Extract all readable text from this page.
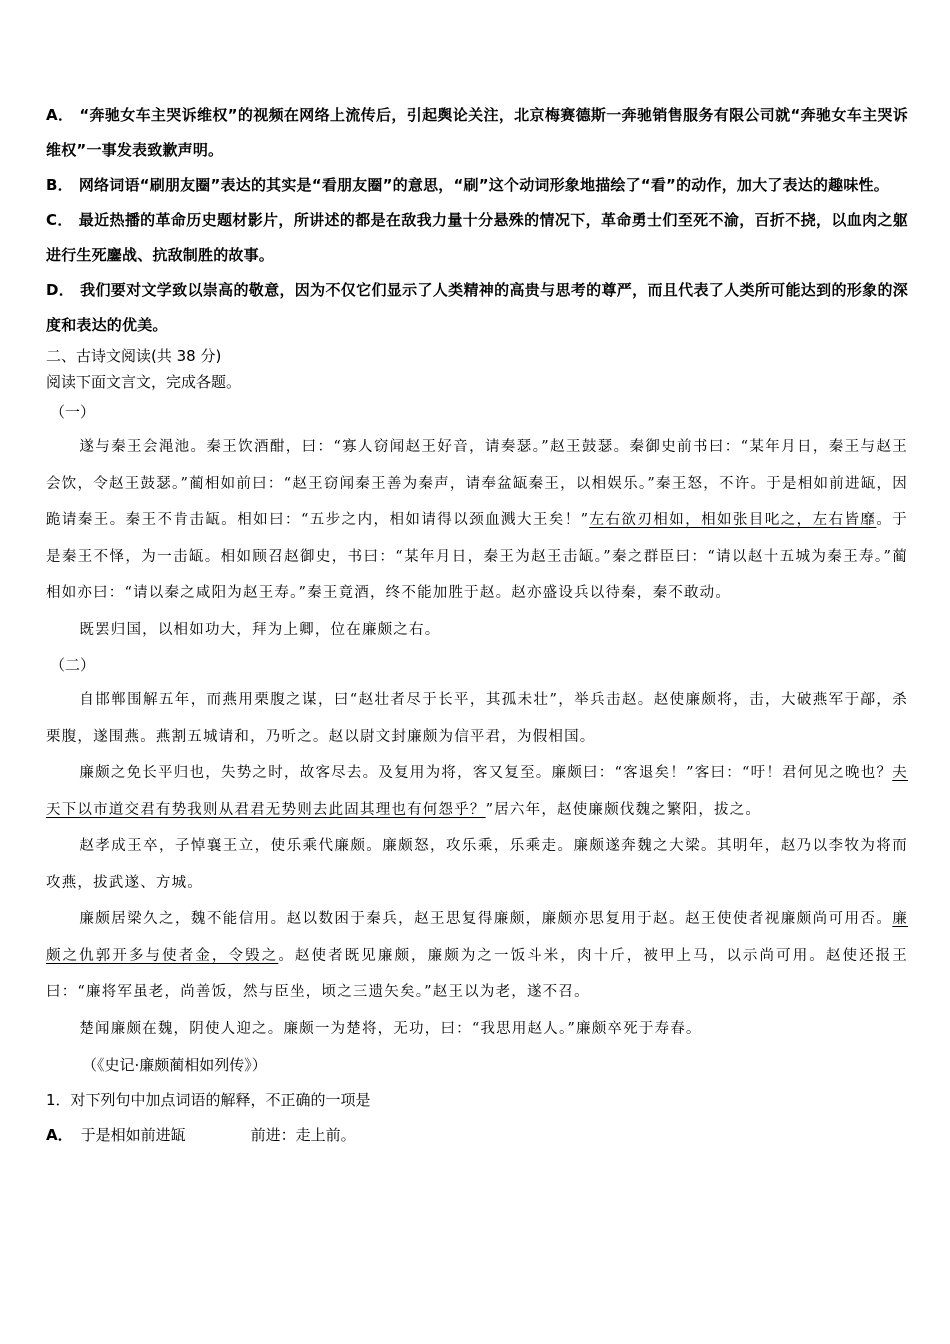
A． “奔驰女车主哭诉维权”的视频在网络上流传后，引起舆论关注，北京梅赛德斯一奔驰销售服务有限公司就“奔驰女车主哭诉维权”一事发表致歉声明。

B． 网络词语“刷朋友圈”表达的其实是“看朋友圈”的意思，“刷”这个动词形象地描绘了“看”的动作，加大了表达的趣味性。

C． 最近热播的革命历史题材影片，所讲述的都是在敌我力量十分悬殊的情况下，革命勇士们至死不渝，百折不挠，以血肉之躯进行生死鏖战、抗敌制胜的故事。

D． 我们要对文学致以崇高的敬意，因为不仅它们显示了人类精神的高贵与思考的尊严，而且代表了人类所可能达到的形象的深度和表达的优美。

二、古诗文阅读(共 38 分)

阅读下面文言文，完成各题。

（一）

遂与秦王会渑池。秦王饮酒酣，曰：“寡人窃闻赵王好音，请奏瑟。”赵王鼓瑟。秦御史前书曰：“某年月日，秦王与赵王会饮，令赵王鼓瑟。”蔺相如前曰：“赵王窃闻秦王善为秦声，请奉盆缻秦王，以相娱乐。”秦王怒，不许。于是相如前进缻，因跪请秦王。秦王不肯击缻。相如曰：“五步之内，相如请得以颈血溅大王矣！”左右欲刃相如，相如张目叱之，左右皆靡。于是秦王不怿，为一击缻。相如顾召赵御史，书曰：“某年月日，秦王为赵王击缻。”秦之群臣曰：“请以赵十五城为秦王寿。”蔺相如亦曰：“请以秦之咸阳为赵王寿。”秦王竟酒，终不能加胜于赵。赵亦盛设兵以待秦，秦不敢动。

既罢归国，以相如功大，拜为上卿，位在廉颇之右。

（二）

自邯郸围解五年，而燕用栗腹之谋，曰“赵壮者尽于长平，其孤未壮”，举兵击赵。赵使廉颇将，击，大破燕军于鄗，杀栗腹，遂围燕。燕割五城请和，乃听之。赵以尉文封廉颇为信平君，为假相国。

廉颇之免长平归也，失势之时，故客尽去。及复用为将，客又复至。廉颇曰：“客退矣！”客曰：“吁！君何见之晚也？夫天下以市道交君有势我则从君君无势则去此固其理也有何怨乎？”居六年，赵使廉颇伐魏之繁阳，拔之。

赵孝成王卒，子悼襄王立，使乐乘代廉颇。廉颇怒，攻乐乘，乐乘走。廉颇遂奔魏之大梁。其明年，赵乃以李牧为将而攻燕，拔武遂、方城。

廉颇居梁久之，魏不能信用。赵以数困于秦兵，赵王思复得廉颇，廉颇亦思复用于赵。赵王使使者视廉颇尚可用否。廉颇之仇郭开多与使者金，令毁之。赵使者既见廉颇，廉颇为之一饭斗米，肉十斤，被甲上马，以示尚可用。赵使还报王曰：“廉将军虽老，尚善饭，然与臣坐，顷之三遗矢矣。”赵王以为老，遂不召。

楚闻廉颇在魏，阴使人迎之。廉颇一为楚将，无功，曰：“我思用赵人。”廉颇卒死于寿春。

（《史记·廉颇蔺相如列传》）

1．对下列句中加点词语的解释，不正确的一项是

A． 于是相如前进缻	前进：走上前。
